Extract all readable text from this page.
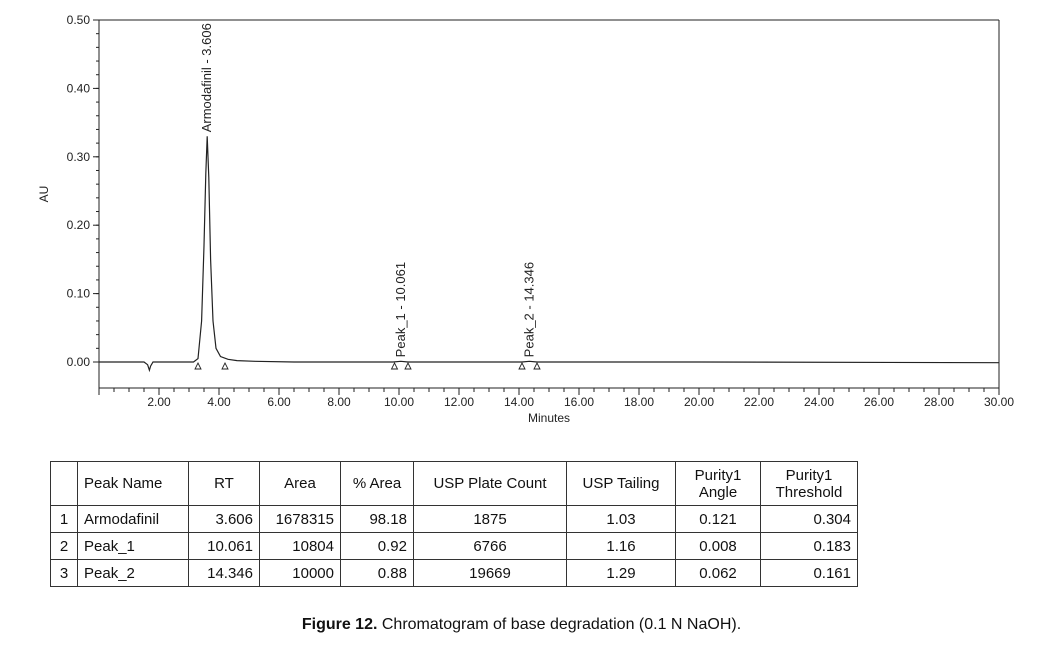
0.00
0.10
0.20
0.30
0.40
0.50
2.00	4.00	6.00	8.00	10.00 12.00 14.00 16.00 18.00 20.00 22.00 24.00 26.00 28.00 30.00
Minutes
AU
Armodafinil - 3.606
Peak_1 - 10.061	Peak_2 - 14.346
	Peak Name	RT	Area	% Area	USP Plate Count	USP Tailing	Purity1 Angle	Purity1 Threshold
1	Armodafinil	3.606	1678315	98.18	1875	1.03	0.121	0.304
2	Peak_1	10.061	10804	0.92	6766	1.16	0.008	0.183
3	Peak_2	14.346	10000	0.88	19669	1.29	0.062	0.161
Figure 12. Chromatogram of base degradation (0.1 N NaOH).
